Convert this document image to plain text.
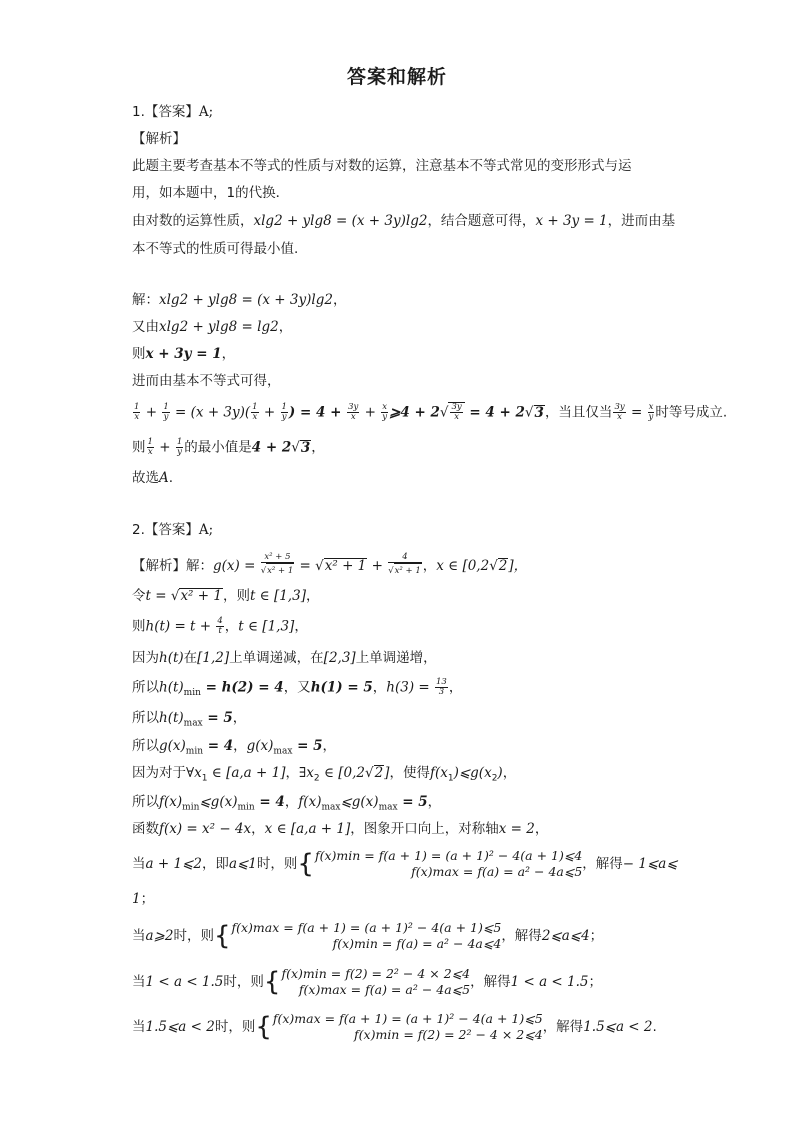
答案和解析
1.【答案】A;
【解析】
此题主要考查基本不等式的性质与对数的运算，注意基本不等式常见的变形形式与运
用，如本题中，1的代换．
由对数的运算性质，xlg2 + ylg8 = (x + 3y)lg2，结合题意可得，x + 3y = 1，进而由基
本不等式的性质可得最小值.
解：xlg2 + ylg8 = (x + 3y)lg2，
又由xlg2 + ylg8 = lg2，
则x + 3y = 1，
进而由基本不等式可得，
$\frac{1}{x} + \frac{1}{y} = (x + 3y)( \frac{1}{x} + \frac{1}{y}$ ) = $4 + \frac{3y}{x} + \frac{x}{y}$ ⩾4 + $2√ \frac{3y}{x} = 4 + 2√3$，当且仅当 $\frac{3y}{x} = \frac{x}{y}$ 时等号成立.
则 $\frac{1}{x} + \frac{1}{y}$ 的最小值是4 + 2√3，
故选A.
2.【答案】A;
【解析】解：$g(x) = \frac{\text{x² + 5}}{\text{√x² + 1}} = √x^2 + 1 + \frac{4}{\text{√x² + 1}}$ ，x ∈ [0,2√2]，
令t = √x² + 1，则t ∈ [1,3]，
则$h(t) = t + \frac{4}{t}$ ，t ∈ [1,3]，
因为h(t)在[1,2]上单调递减，在[2,3]上单调递增，
所以$h(t)_{min} = h(2) = 4$，又h(1) = 5，$h(3) = \frac{13}{3}$ ，
所以$h(t)_{max} = 5$，
所以$g(x)_{min} = 4$，$g(x)_{max} = 5$，
因为对于$\forall x_1$ ∈ [a,a + 1]，$\exists x_2$ ∈ [0,2√2]，使得$f(x_1)⩽g(x_2)$，
所以$f(x)_{min}⩽g(x)_{min} = 4$，$f(x)_{max}⩽g(x)_{max} = 5$，
函数f(x) = x² − 4x，x ∈ [a,a + 1]，图象开口向上，对称轴x = 2，
当a + 1⩽2，即a⩽1时，则{ f(x)min = f(a + 1) = (a + 1)² − 4(a + 1)⩽4
f(x)max = f(a) = a² − 4a⩽5 ，解得− 1⩽a⩽
1；
当a⩾2时，则{ f(x)max = f(a + 1) = (a + 1)² − 4(a + 1)⩽5
f(x)min = f(a) = a² − 4a⩽4 ，解得2⩽a⩽4；
当1 < a < 1.5时，则{ f(x)min = f(2) = 2² − 4 × 2⩽4
f(x)max = f(a) = a² − 4a⩽5 ，解得1 < a < 1.5；
当1.5⩽a < 2时，则{ f(x)max = f(a + 1) = (a + 1)² − 4(a + 1)⩽5
f(x)min = f(2) = 2² − 4 × 2⩽4 ，解得1.5⩽a < 2.
